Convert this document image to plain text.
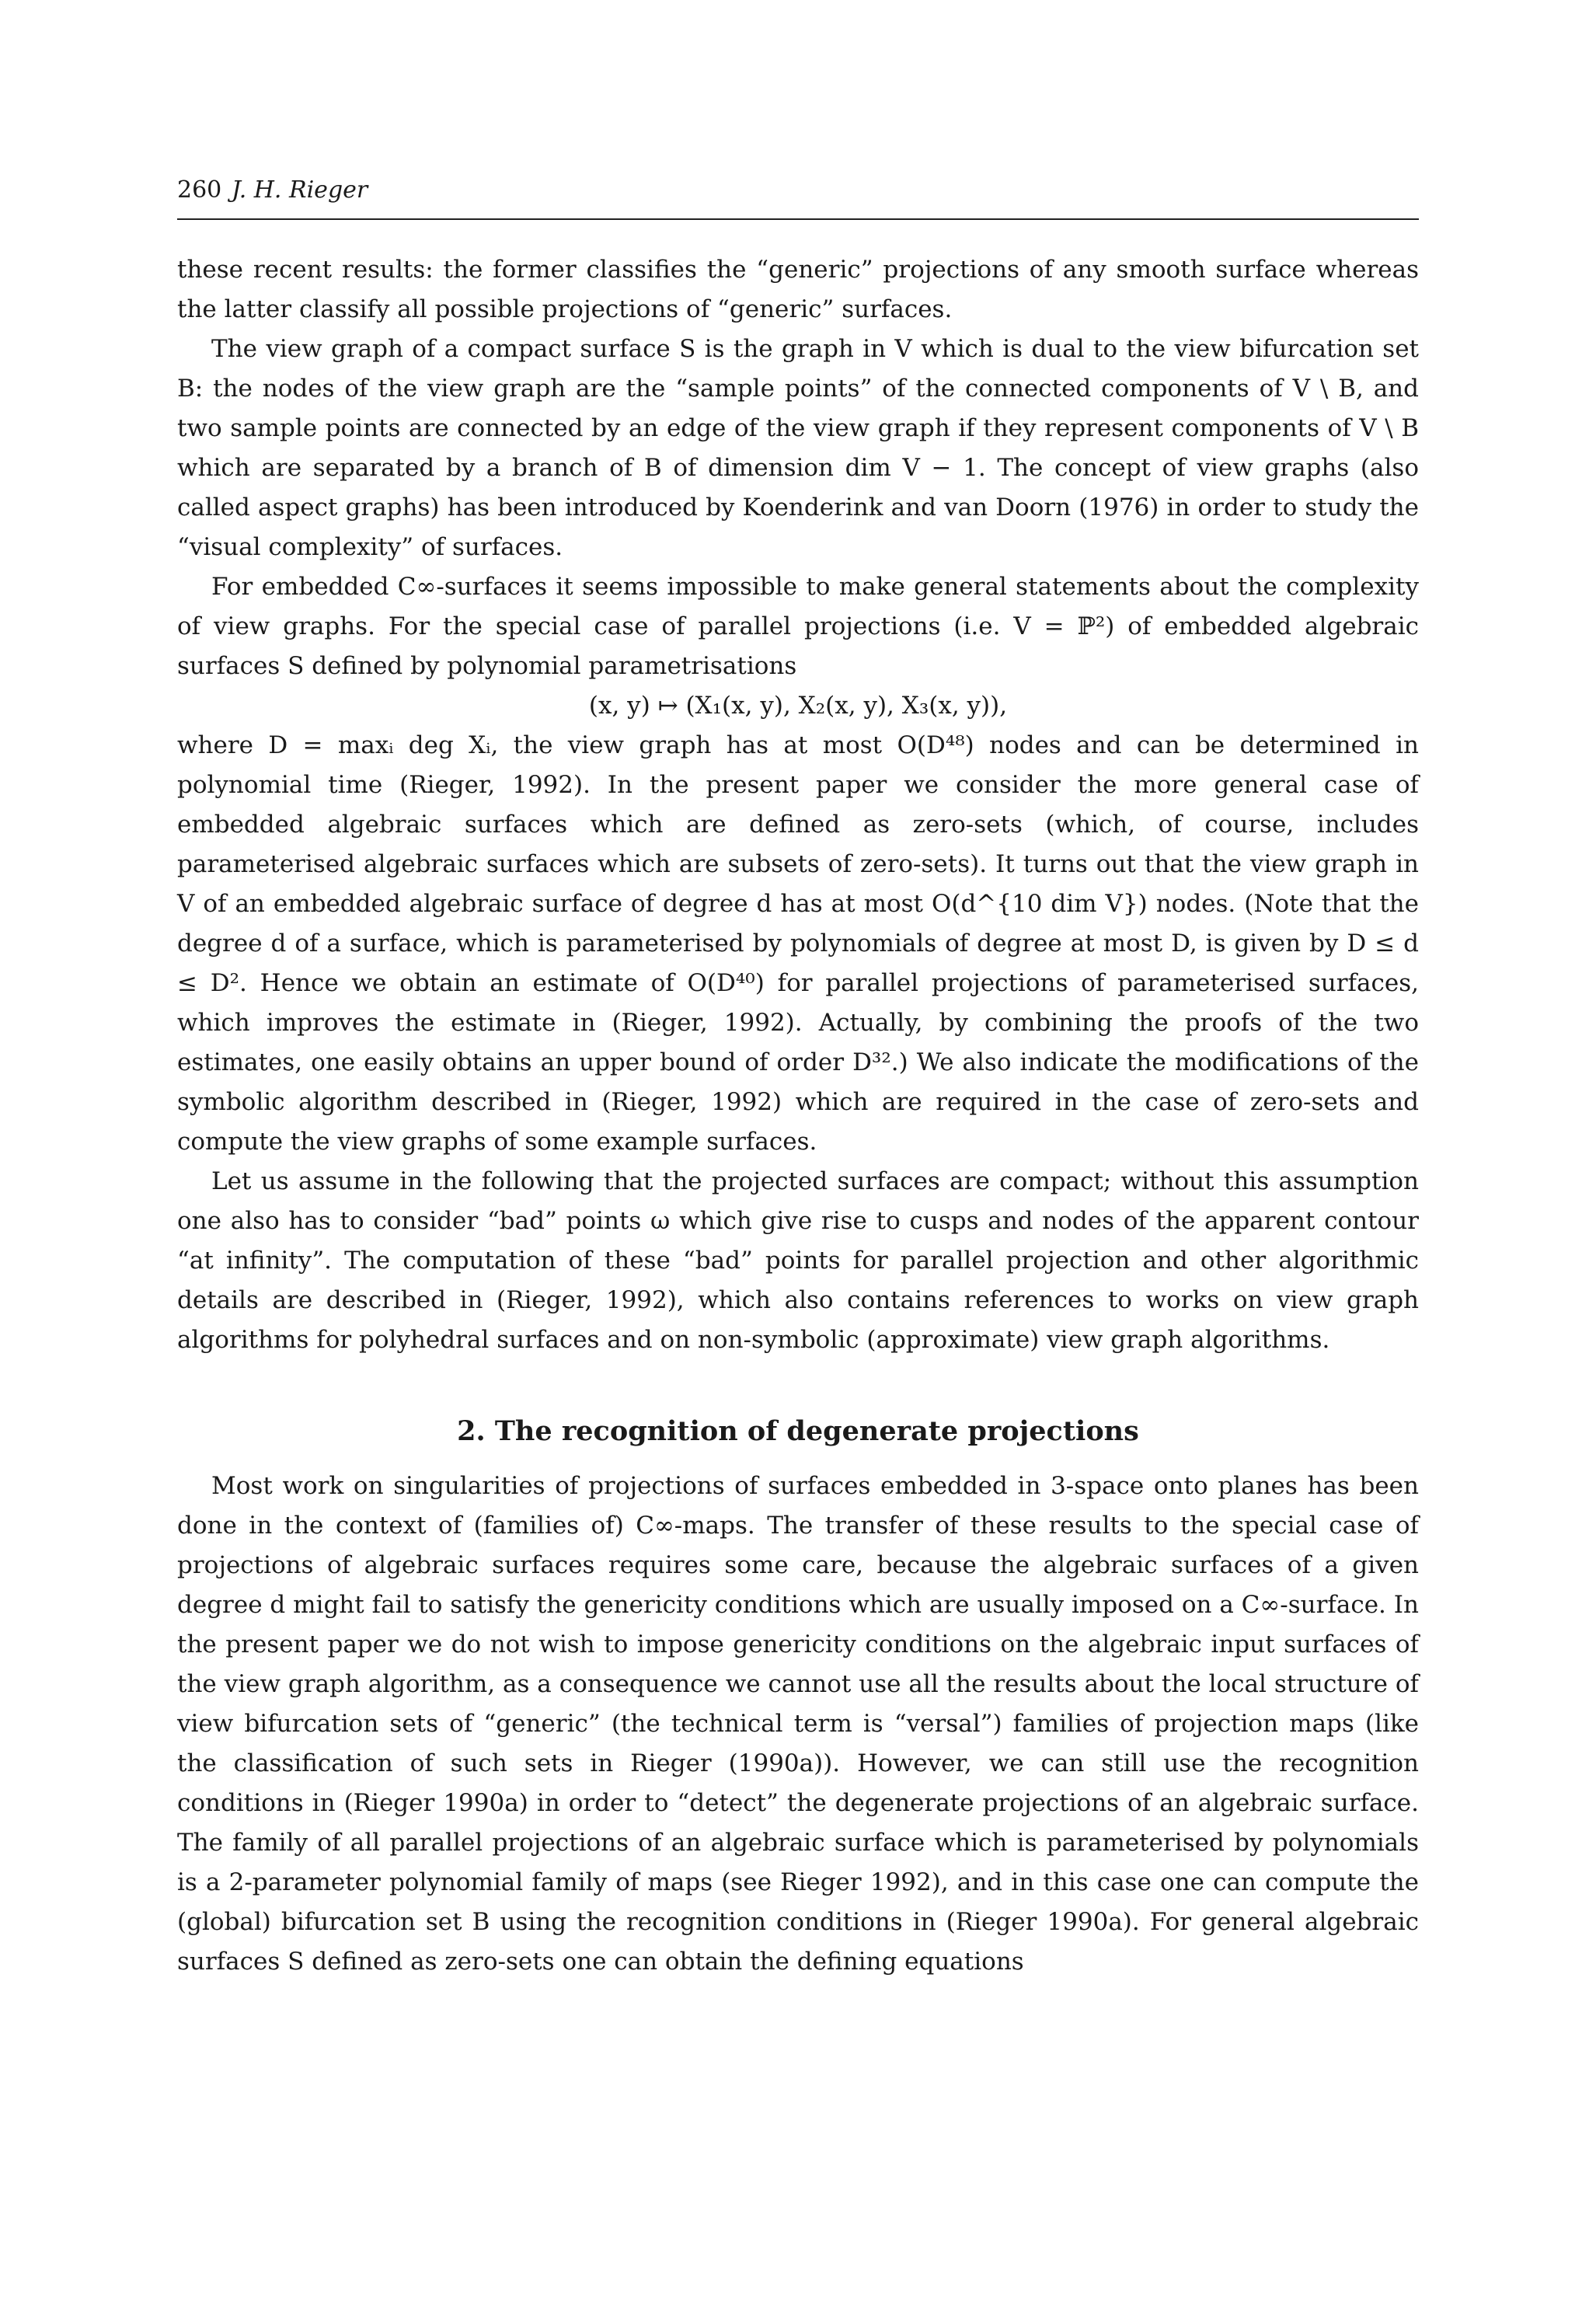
260 J. H. Rieger

these recent results: the former classifies the “generic” projections of any smooth surface whereas the latter classify all possible projections of “generic” surfaces.

The view graph of a compact surface S is the graph in V which is dual to the view bifurcation set B: the nodes of the view graph are the “sample points” of the connected components of V \ B, and two sample points are connected by an edge of the view graph if they represent components of V \ B which are separated by a branch of B of dimension dim V − 1. The concept of view graphs (also called aspect graphs) has been introduced by Koenderink and van Doorn (1976) in order to study the “visual complexity” of surfaces.

For embedded C∞-surfaces it seems impossible to make general statements about the complexity of view graphs. For the special case of parallel projections (i.e. V = ℙ²) of embedded algebraic surfaces S defined by polynomial parametrisations

(x, y) ↦ (X₁(x, y), X₂(x, y), X₃(x, y)),

where D = maxᵢ deg Xᵢ, the view graph has at most O(D⁴⁸) nodes and can be determined in polynomial time (Rieger, 1992). In the present paper we consider the more general case of embedded algebraic surfaces which are defined as zero-sets (which, of course, includes parameterised algebraic surfaces which are subsets of zero-sets). It turns out that the view graph in V of an embedded algebraic surface of degree d has at most O(d^{10 dim V}) nodes. (Note that the degree d of a surface, which is parameterised by polynomials of degree at most D, is given by D ≤ d ≤ D². Hence we obtain an estimate of O(D⁴⁰) for parallel projections of parameterised surfaces, which improves the estimate in (Rieger, 1992). Actually, by combining the proofs of the two estimates, one easily obtains an upper bound of order D³².) We also indicate the modifications of the symbolic algorithm described in (Rieger, 1992) which are required in the case of zero-sets and compute the view graphs of some example surfaces.

Let us assume in the following that the projected surfaces are compact; without this assumption one also has to consider “bad” points ω which give rise to cusps and nodes of the apparent contour “at infinity”. The computation of these “bad” points for parallel projection and other algorithmic details are described in (Rieger, 1992), which also contains references to works on view graph algorithms for polyhedral surfaces and on non-symbolic (approximate) view graph algorithms.

2. The recognition of degenerate projections

Most work on singularities of projections of surfaces embedded in 3-space onto planes has been done in the context of (families of) C∞-maps. The transfer of these results to the special case of projections of algebraic surfaces requires some care, because the algebraic surfaces of a given degree d might fail to satisfy the genericity conditions which are usually imposed on a C∞-surface. In the present paper we do not wish to impose genericity conditions on the algebraic input surfaces of the view graph algorithm, as a consequence we cannot use all the results about the local structure of view bifurcation sets of “generic” (the technical term is “versal”) families of projection maps (like the classification of such sets in Rieger (1990a)). However, we can still use the recognition conditions in (Rieger 1990a) in order to “detect” the degenerate projections of an algebraic surface. The family of all parallel projections of an algebraic surface which is parameterised by polynomials is a 2-parameter polynomial family of maps (see Rieger 1992), and in this case one can compute the (global) bifurcation set B using the recognition conditions in (Rieger 1990a). For general algebraic surfaces S defined as zero-sets one can obtain the defining equations
